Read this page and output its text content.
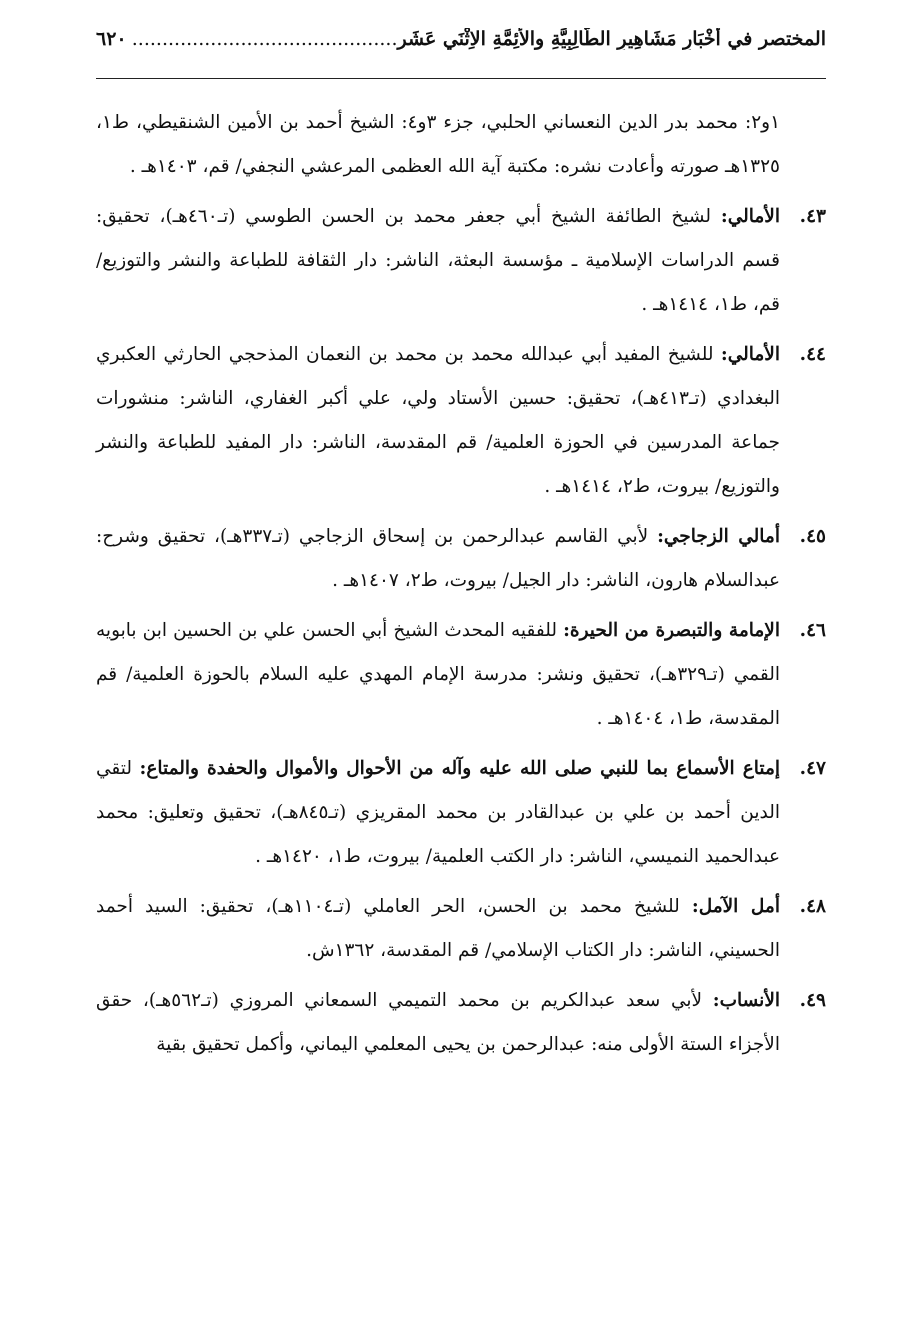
المختصر في أَخْبَارِ مَشَاهِيرِ الطَّالِبِيَّةِ والأَئِمَّةِ الاِثْنَي عَشَر .....
٦٢٠

١و٢: محمد بدر الدين النعساني الحلبي، جزء ٣و٤: الشيخ أحمد بن الأمين الشنقيطي، ط١، ١٣٢٥هـ صورته وأعادت نشره: مكتبة آية الله العظمى المرعشي النجفي/ قم، ١٤٠٣هـ .

٤٣.
الأمالي: لشيخ الطائفة الشيخ أبي جعفر محمد بن الحسن الطوسي (تـ٤٦٠هـ)، تحقيق: قسم الدراسات الإسلامية ـ مؤسسة البعثة، الناشر: دار الثقافة للطباعة والنشر والتوزيع/ قم، ط١، ١٤١٤هـ .

٤٤.
الأمالي: للشيخ المفيد أبي عبدالله محمد بن محمد بن النعمان المذحجي الحارثي العكبري البغدادي (تـ٤١٣هـ)، تحقيق: حسين الأستاد ولي، علي أكبر الغفاري، الناشر: منشورات جماعة المدرسين في الحوزة العلمية/ قم المقدسة، الناشر: دار المفيد للطباعة والنشر والتوزيع/ بيروت، ط٢، ١٤١٤هـ .

٤٥.
أمالي الزجاجي: لأبي القاسم عبدالرحمن بن إسحاق الزجاجي (تـ٣٣٧هـ)، تحقيق وشرح: عبدالسلام هارون، الناشر: دار الجيل/ بيروت، ط٢، ١٤٠٧هـ .

٤٦.
الإمامة والتبصرة من الحيرة: للفقيه المحدث الشيخ أبي الحسن علي بن الحسين ابن بابويه القمي (تـ٣٢٩هـ)، تحقيق ونشر: مدرسة الإمام المهدي عليه السلام بالحوزة العلمية/ قم المقدسة، ط١، ١٤٠٤هـ .

٤٧.
إمتاع الأسماع بما للنبي صلى الله عليه وآله من الأحوال والأموال والحفدة والمتاع: لتقي الدين أحمد بن علي بن عبدالقادر بن محمد المقريزي (تـ٨٤٥هـ)، تحقيق وتعليق: محمد عبدالحميد النميسي، الناشر: دار الكتب العلمية/ بيروت، ط١، ١٤٢٠هـ .

٤٨.
أمل الآمل: للشيخ محمد بن الحسن، الحر العاملي (تـ١١٠٤هـ)، تحقيق: السيد أحمد الحسيني، الناشر: دار الكتاب الإسلامي/ قم المقدسة، ١٣٦٢ش.

٤٩.
الأنساب: لأبي سعد عبدالكريم بن محمد التميمي السمعاني المروزي (تـ٥٦٢هـ)، حقق الأجزاء الستة الأولى منه: عبدالرحمن بن يحيى المعلمي اليماني، وأكمل تحقيق بقية
